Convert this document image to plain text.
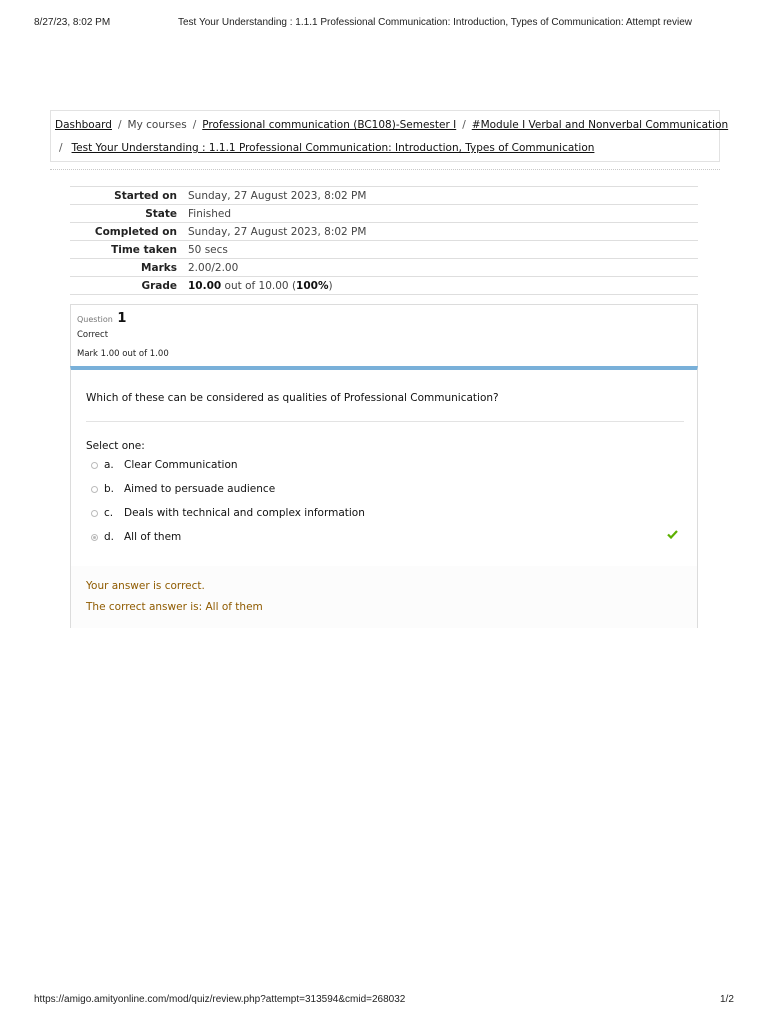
8/27/23, 8:02 PM	Test Your Understanding : 1.1.1 Professional Communication: Introduction, Types of Communication: Attempt review
Dashboard / My courses / Professional communication (BC108)-Semester I / #Module I Verbal and Nonverbal Communication
/ Test Your Understanding : 1.1.1 Professional Communication: Introduction, Types of Communication
Started on	Sunday, 27 August 2023, 8:02 PM
State	Finished
Completed on	Sunday, 27 August 2023, 8:02 PM
Time taken	50 secs
Marks	2.00/2.00
Grade	10.00 out of 10.00 (100%)
Question 1
Correct
Mark 1.00 out of 1.00
Which of these can be considered as qualities of Professional Communication?
Select one:
a. Clear Communication
b. Aimed to persuade audience
c.	Deals with technical and complex information
d. All of them
Your answer is correct.
The correct answer is: All of them
https://amigo.amityonline.com/mod/quiz/review.php?attempt=313594&cmid=268032	1/2
